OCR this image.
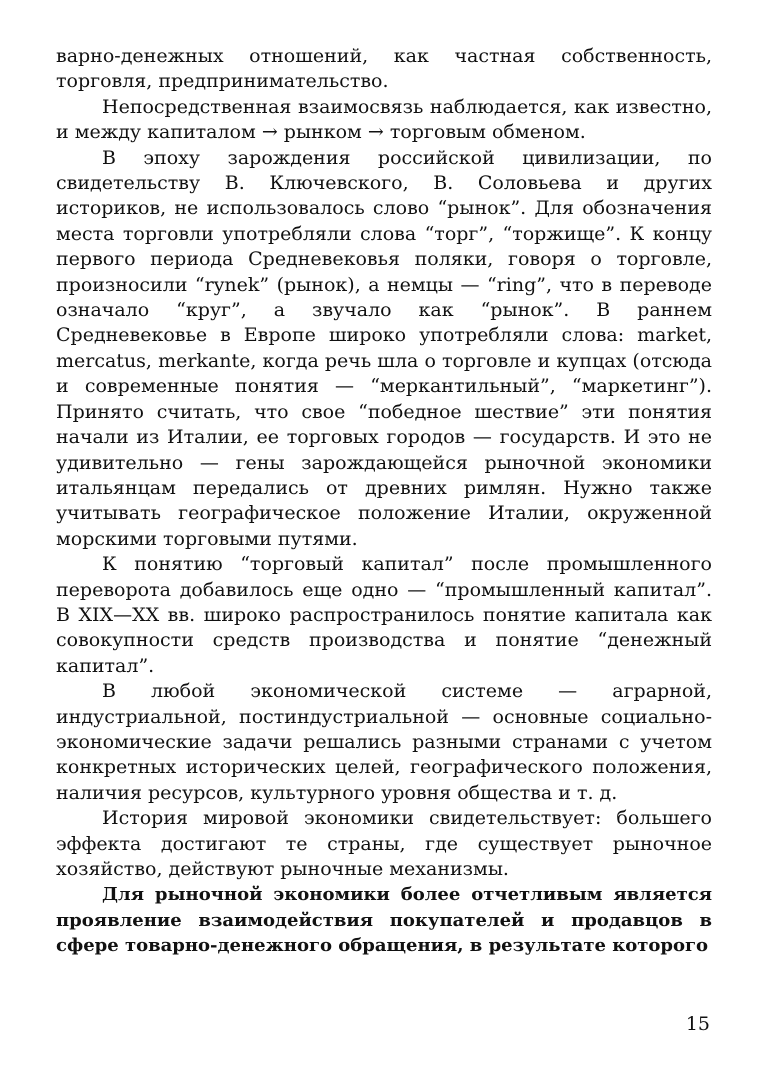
варно-денежных отношений, как частная собственность, торговля, предпринимательство.

Непосредственная взаимосвязь наблюдается, как известно, и между капиталом → рынком → торговым обменом.

В эпоху зарождения российской цивилизации, по свидетельству В. Ключевского, В. Соловьева и других историков, не использовалось слово “рынок”. Для обозначения места торговли употребляли слова “торг”, “торжище”. К концу первого периода Средневековья поляки, говоря о торговле, произносили “rynek” (рынок), а немцы — “ring”, что в переводе означало “круг”, а звучало как “рынок”. В раннем Средневековье в Европе широко употребляли слова: market, mercatus, merkante, когда речь шла о торговле и купцах (отсюда и современные понятия — “меркантильный”, “маркетинг”). Принято считать, что свое “победное шествие” эти понятия начали из Италии, ее торговых городов — государств. И это не удивительно — гены зарождающейся рыночной экономики итальянцам передались от древних римлян. Нужно также учитывать географическое положение Италии, окруженной морскими торговыми путями.

К понятию “торговый капитал” после промышленного переворота добавилось еще одно — “промышленный капитал”. В XIX—XX вв. широко распространилось понятие капитала как совокупности средств производства и понятие “денежный капитал”.

В любой экономической системе — аграрной, индустриальной, постиндустриальной — основные социально-экономические задачи решались разными странами с учетом конкретных исторических целей, географического положения, наличия ресурсов, культурного уровня общества и т. д.

История мировой экономики свидетельствует: большего эффекта достигают те страны, где существует рыночное хозяйство, действуют рыночные механизмы.

Для рыночной экономики более отчетливым является проявление взаимодействия покупателей и продавцов в сфере товарно-денежного обращения, в результате которого

15
